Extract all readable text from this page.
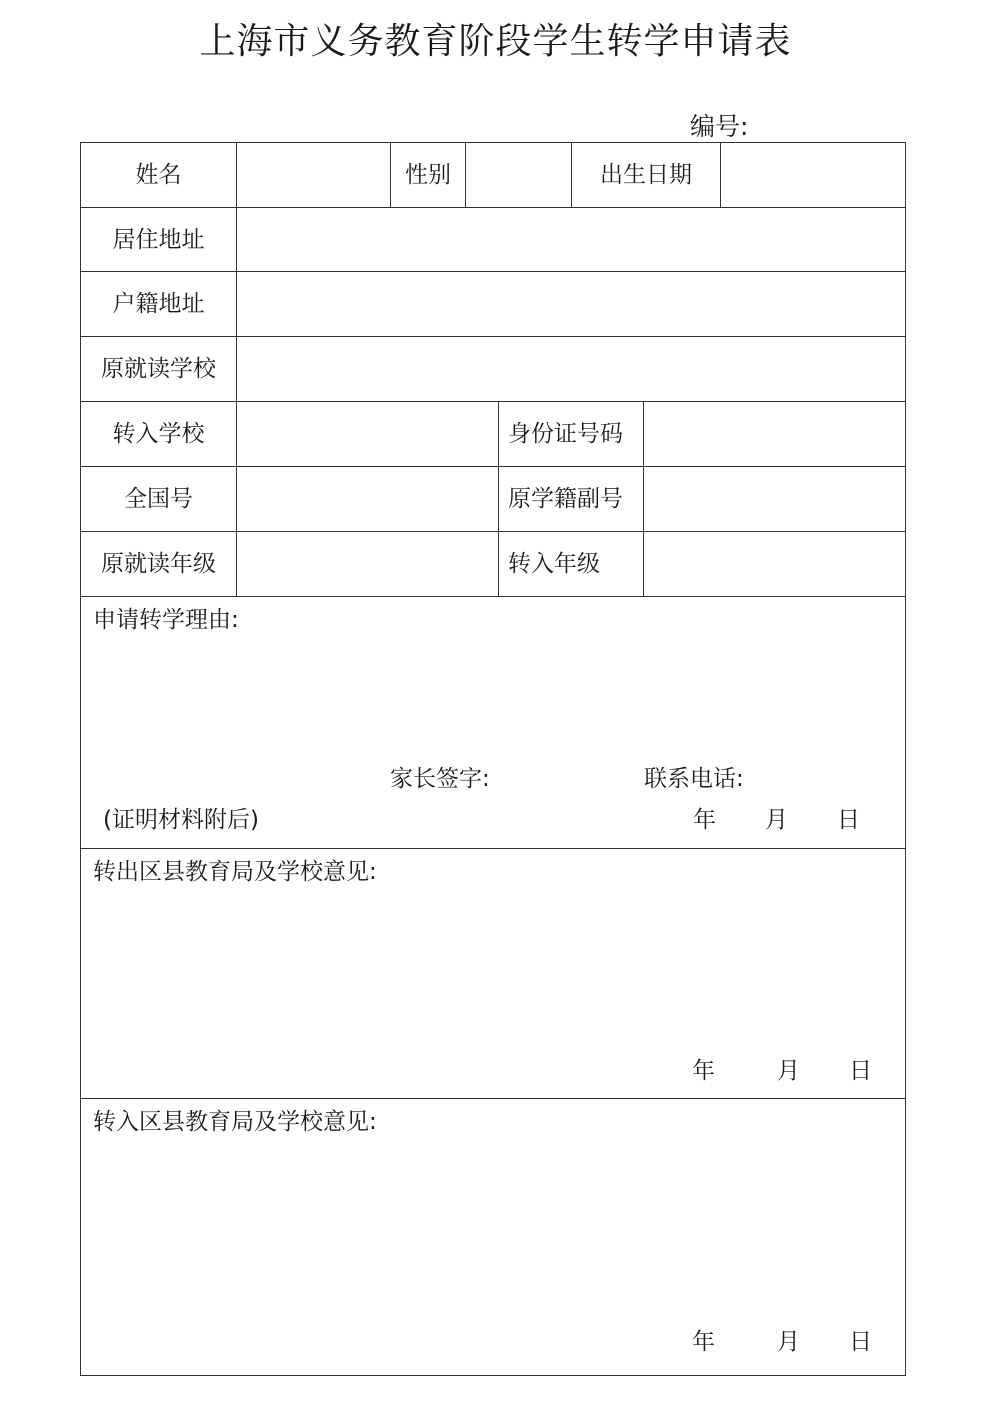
上海市义务教育阶段学生转学申请表
编号:
姓名	性别	出生日期
居住地址
户籍地址
原就读学校
转入学校	身份证号码
全国号	原学籍副号
原就读年级	转入年级
申请转学理由:
家长签字:	联系电话:
(证明材料附后)	年 月 日
转出区县教育局及学校意见:
年	月 日
转入区县教育局及学校意见:
年	月 日
